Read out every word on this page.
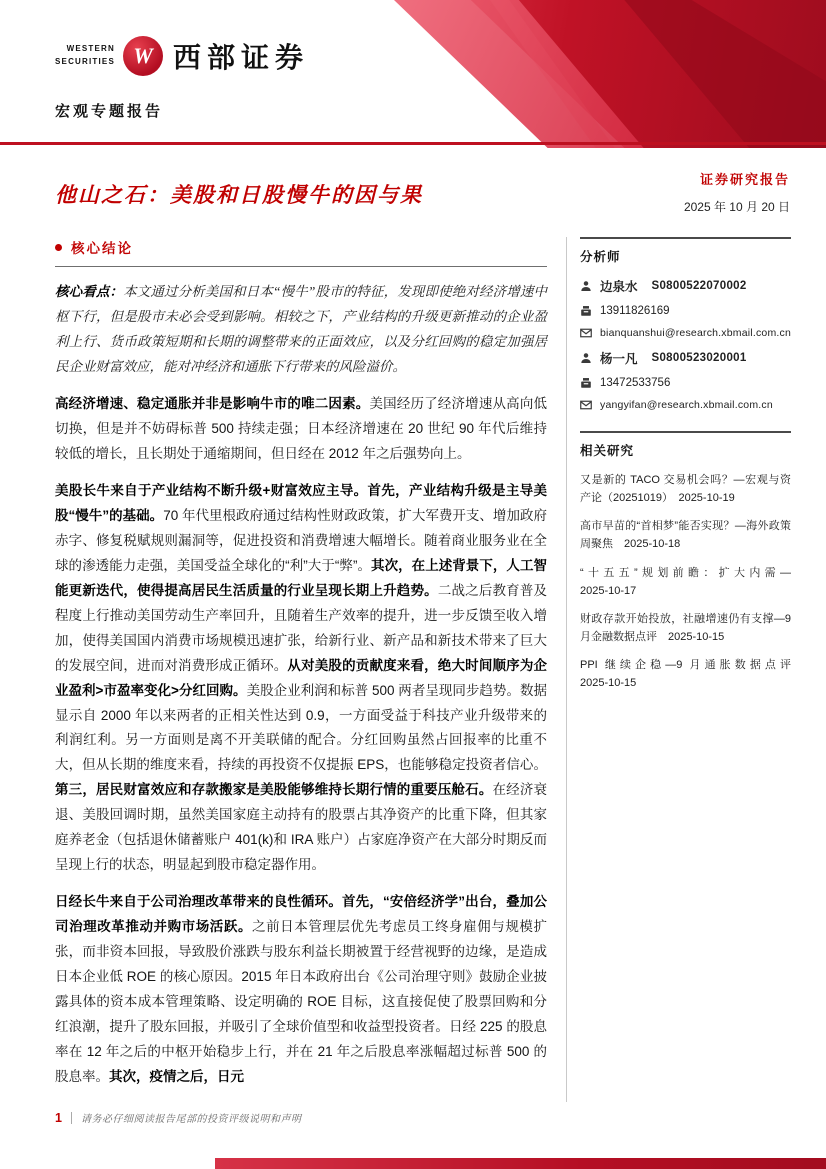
WESTERN
SECURITIES W 西部证券
宏观专题报告
他山之石：美股和日股慢牛的因与果
证券研究报告
2025 年 10 月 20 日
核心结论

核心看点：本文通过分析美国和日本“慢牛”股市的特征，发现即使绝对经济增速中枢下行，但是股市未必会受到影响。相较之下，产业结构的升级更新推动的企业盈利上行、货币政策短期和长期的调整带来的正面效应，以及分红回购的稳定加强居民企业财富效应，能对冲经济和通胀下行带来的风险溢价。

高经济增速、稳定通胀并非是影响牛市的唯二因素。美国经历了经济增速从高向低切换，但是并不妨碍标普 500 持续走强；日本经济增速在 20 世纪 90 年代后维持较低的增长，且长期处于通缩期间，但日经在 2012 年之后强势向上。

美股长牛来自于产业结构不断升级+财富效应主导。首先，产业结构升级是主导美股“慢牛”的基础。70 年代里根政府通过结构性财政政策，扩大军费开支、增加政府赤字、修复税赋规则漏洞等，促进投资和消费增速大幅增长。随着商业服务业在全球的渗透能力走强，美国受益全球化的“利”大于“弊”。其次，在上述背景下，人工智能更新迭代，使得提高居民生活质量的行业呈现长期上升趋势。二战之后教育普及程度上行推动美国劳动生产率回升，且随着生产效率的提升，进一步反馈至收入增加，使得美国国内消费市场规模迅速扩张，给新行业、新产品和新技术带来了巨大的发展空间，进而对消费形成正循环。从对美股的贡献度来看，绝大时间顺序为企业盈利>市盈率变化>分红回购。美股企业利润和标普 500 两者呈现同步趋势。数据显示自 2000 年以来两者的正相关性达到 0.9，一方面受益于科技产业升级带来的利润红利。另一方面则是离不开美联储的配合。分红回购虽然占回报率的比重不大，但从长期的维度来看，持续的再投资不仅提振 EPS，也能够稳定投资者信心。第三，居民财富效应和存款搬家是美股能够维持长期行情的重要压舱石。在经济衰退、美股回调时期，虽然美国家庭主动持有的股票占其净资产的比重下降，但其家庭养老金（包括退休储蓄账户 401(k)和 IRA 账户）占家庭净资产在大部分时期反而呈现上行的状态，明显起到股市稳定器作用。

日经长牛来自于公司治理改革带来的良性循环。首先，“安倍经济学”出台，叠加公司治理改革推动并购市场活跃。之前日本管理层优先考虑员工终身雇佣与规模扩张，而非资本回报，导致股价涨跌与股东利益长期被置于经营视野的边缘，是造成日本企业低 ROE 的核心原因。2015 年日本政府出台《公司治理守则》鼓励企业披露具体的资本成本管理策略、设定明确的 ROE 目标，这直接促使了股票回购和分红浪潮，提升了股东回报，并吸引了全球价值型和收益型投资者。日经 225 的股息率在 12 年之后的中枢开始稳步上行，并在 21 年之后股息率涨幅超过标普 500 的股息率。其次，疫情之后，日元

分析师
边泉水 S0800522070002
13911826169
bianquanshui@research.xbmail.com.cn
杨一凡 S0800523020001
13472533756
yangyifan@research.xbmail.com.cn
相关研究
又是新的 TACO 交易机会吗？—宏观与资产论（20251019）　 2025-10-19
高市早苗的“首相梦”能否实现？—海外政策周聚焦　 2025-10-18
“十五五”规划前瞻：扩大内需—　2025-10-17
财政存款开始投放，社融增速仍有支撑—9月金融数据点评　 2025-10-15
PPI 继续企稳—9 月通胀数据点评　2025-10-15
1 请务必仔细阅读报告尾部的投资评级说明和声明
